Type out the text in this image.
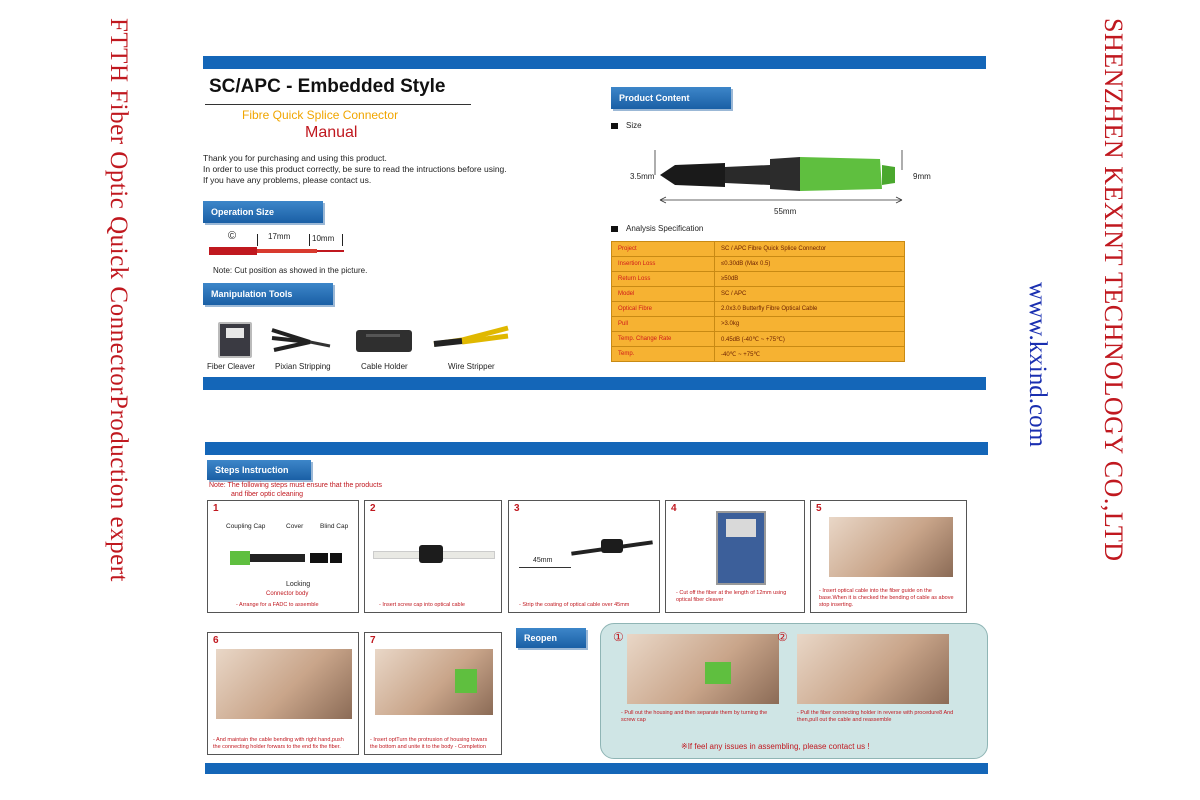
FTTH Fiber Optic Quick ConnectorProduction expert	SHENZHEN KEXINT TECHNOLOGY CO.,LTD
www.kxind.com
SC/APC - Embedded Style
Fibre Quick Splice Connector
Manual
Thank you for purchasing and using this product.
In order to use this product correctly, be sure to read the intructions before using.
If you have any problems, please contact us.
Operation Size
©	17mm	10mm
Note: Cut position as showed in the picture.
Manipulation Tools
Fiber Cleaver Pixian Stripping	Cable Holder	Wire Stripper
Product Content
Size
3.5mm	9mm
55mm
Analysis Specification
Project	SC / APC Fibre Quick Splice Connector
Insertion Loss	≤0.30dB (Max 0.5)
Return Loss	≥50dB
Model	SC / APC
Optical Fibre	2.0x3.0 Butterfly Fibre Optical Cable
Pull	>3.0kg
Temp. Change Rate	0.45dB (-40℃ ~ +75℃)
Temp.	-40℃ ~ +75℃
Steps Instruction
Note: The following steps must ensure that the products
and fiber optic cleaning
1
Coupling Cap	Cover	Blind Cap
Locking
Connector body
- Arrange for a FADC to assemble
2
- Insert screw cap into optical cable
3
45mm
- Strip the coating of optical cable over 45mm
4
- Cut off the fiber at the length of 12mm using optical fiber cleaver
5
- Insert optical cable into the fiber guide on the base.When it is checked the bending of cable as above stop inserting.
6
- And maintain the cable bending with right hand,push the connecting holder forwars to the end fix the fiber.
7
- Insert optTurn the protrusion of housing towars the bottom and unite it to the body - Completion
Reopen	①	②
- Pull out the housing and then separate them by turning the screw cap
- Pull the fiber connecting holder in reverse with procedure8 And then,pull out the cable and reassemble
※If feel any issues in assembling, please contact us !
